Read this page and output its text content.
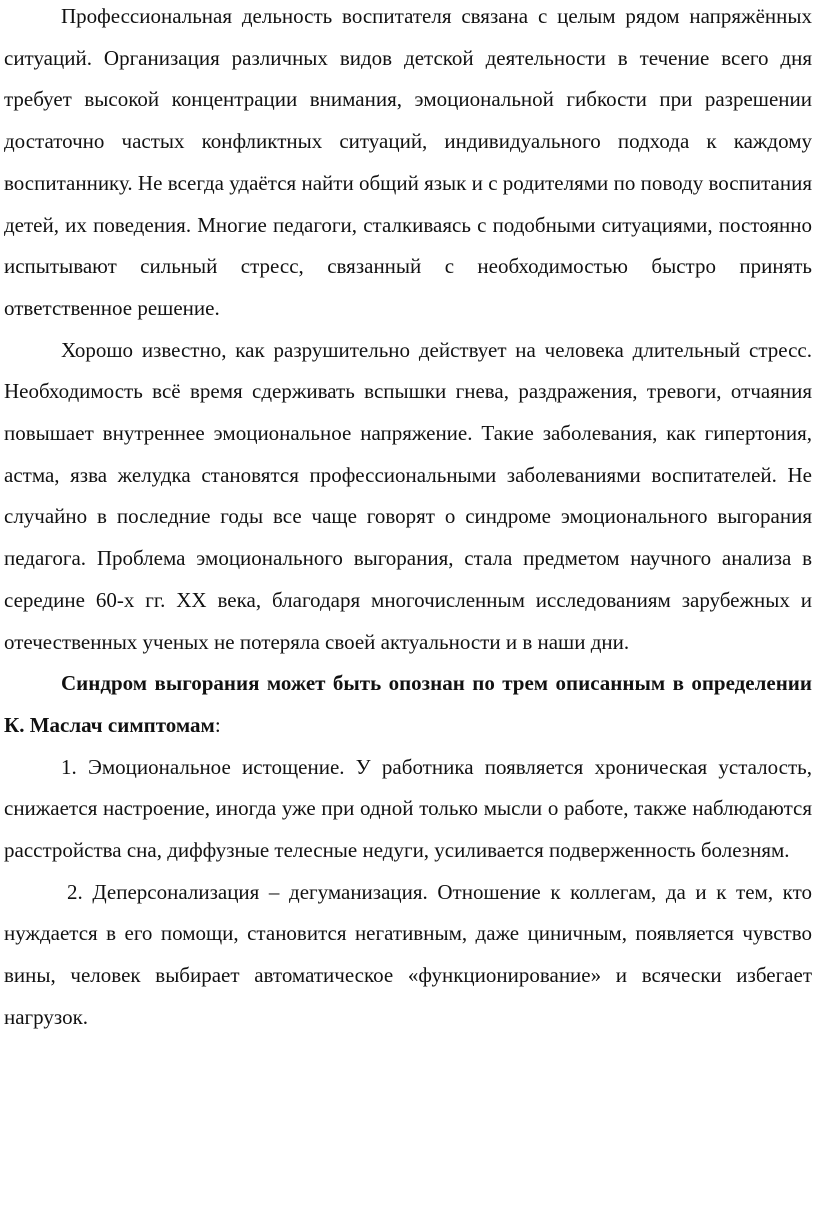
Профессиональная дельность воспитателя связана с целым рядом напряжённых ситуаций. Организация различных видов детской деятельности в течение всего дня требует высокой концентрации внимания, эмоциональной гибкости при разрешении достаточно частых конфликтных ситуаций, индивидуального подхода к каждому воспитаннику. Не всегда удаётся найти общий язык и с родителями по поводу воспитания детей, их поведения. Многие педагоги, сталкиваясь с подобными ситуациями, постоянно испытывают сильный стресс, связанный с необходимостью быстро принять ответственное решение.

Хорошо известно, как разрушительно действует на человека длительный стресс. Необходимость всё время сдерживать вспышки гнева, раздражения, тревоги, отчаяния повышает внутреннее эмоциональное напряжение. Такие заболевания, как гипертония, астма, язва желудка становятся профессиональными заболеваниями воспитателей. Не случайно в последние годы все чаще говорят о синдроме эмоционального выгорания педагога. Проблема эмоционального выгорания, стала предметом научного анализа в середине 60-х гг. XX века, благодаря многочисленным исследованиям зарубежных и отечественных ученых не потеряла своей актуальности и в наши дни.

Синдром выгорания может быть опознан по трем описанным в определении К. Маслач симптомам:

1. Эмоциональное истощение. У работника появляется хроническая усталость, снижается настроение, иногда уже при одной только мысли о работе, также наблюдаются расстройства сна, диффузные телесные недуги, усиливается подверженность болезням.

2. Деперсонализация – дегуманизация. Отношение к коллегам, да и к тем, кто нуждается в его помощи, становится негативным, даже циничным, появляется чувство вины, человек выбирает автоматическое «функционирование» и всячески избегает нагрузок.
